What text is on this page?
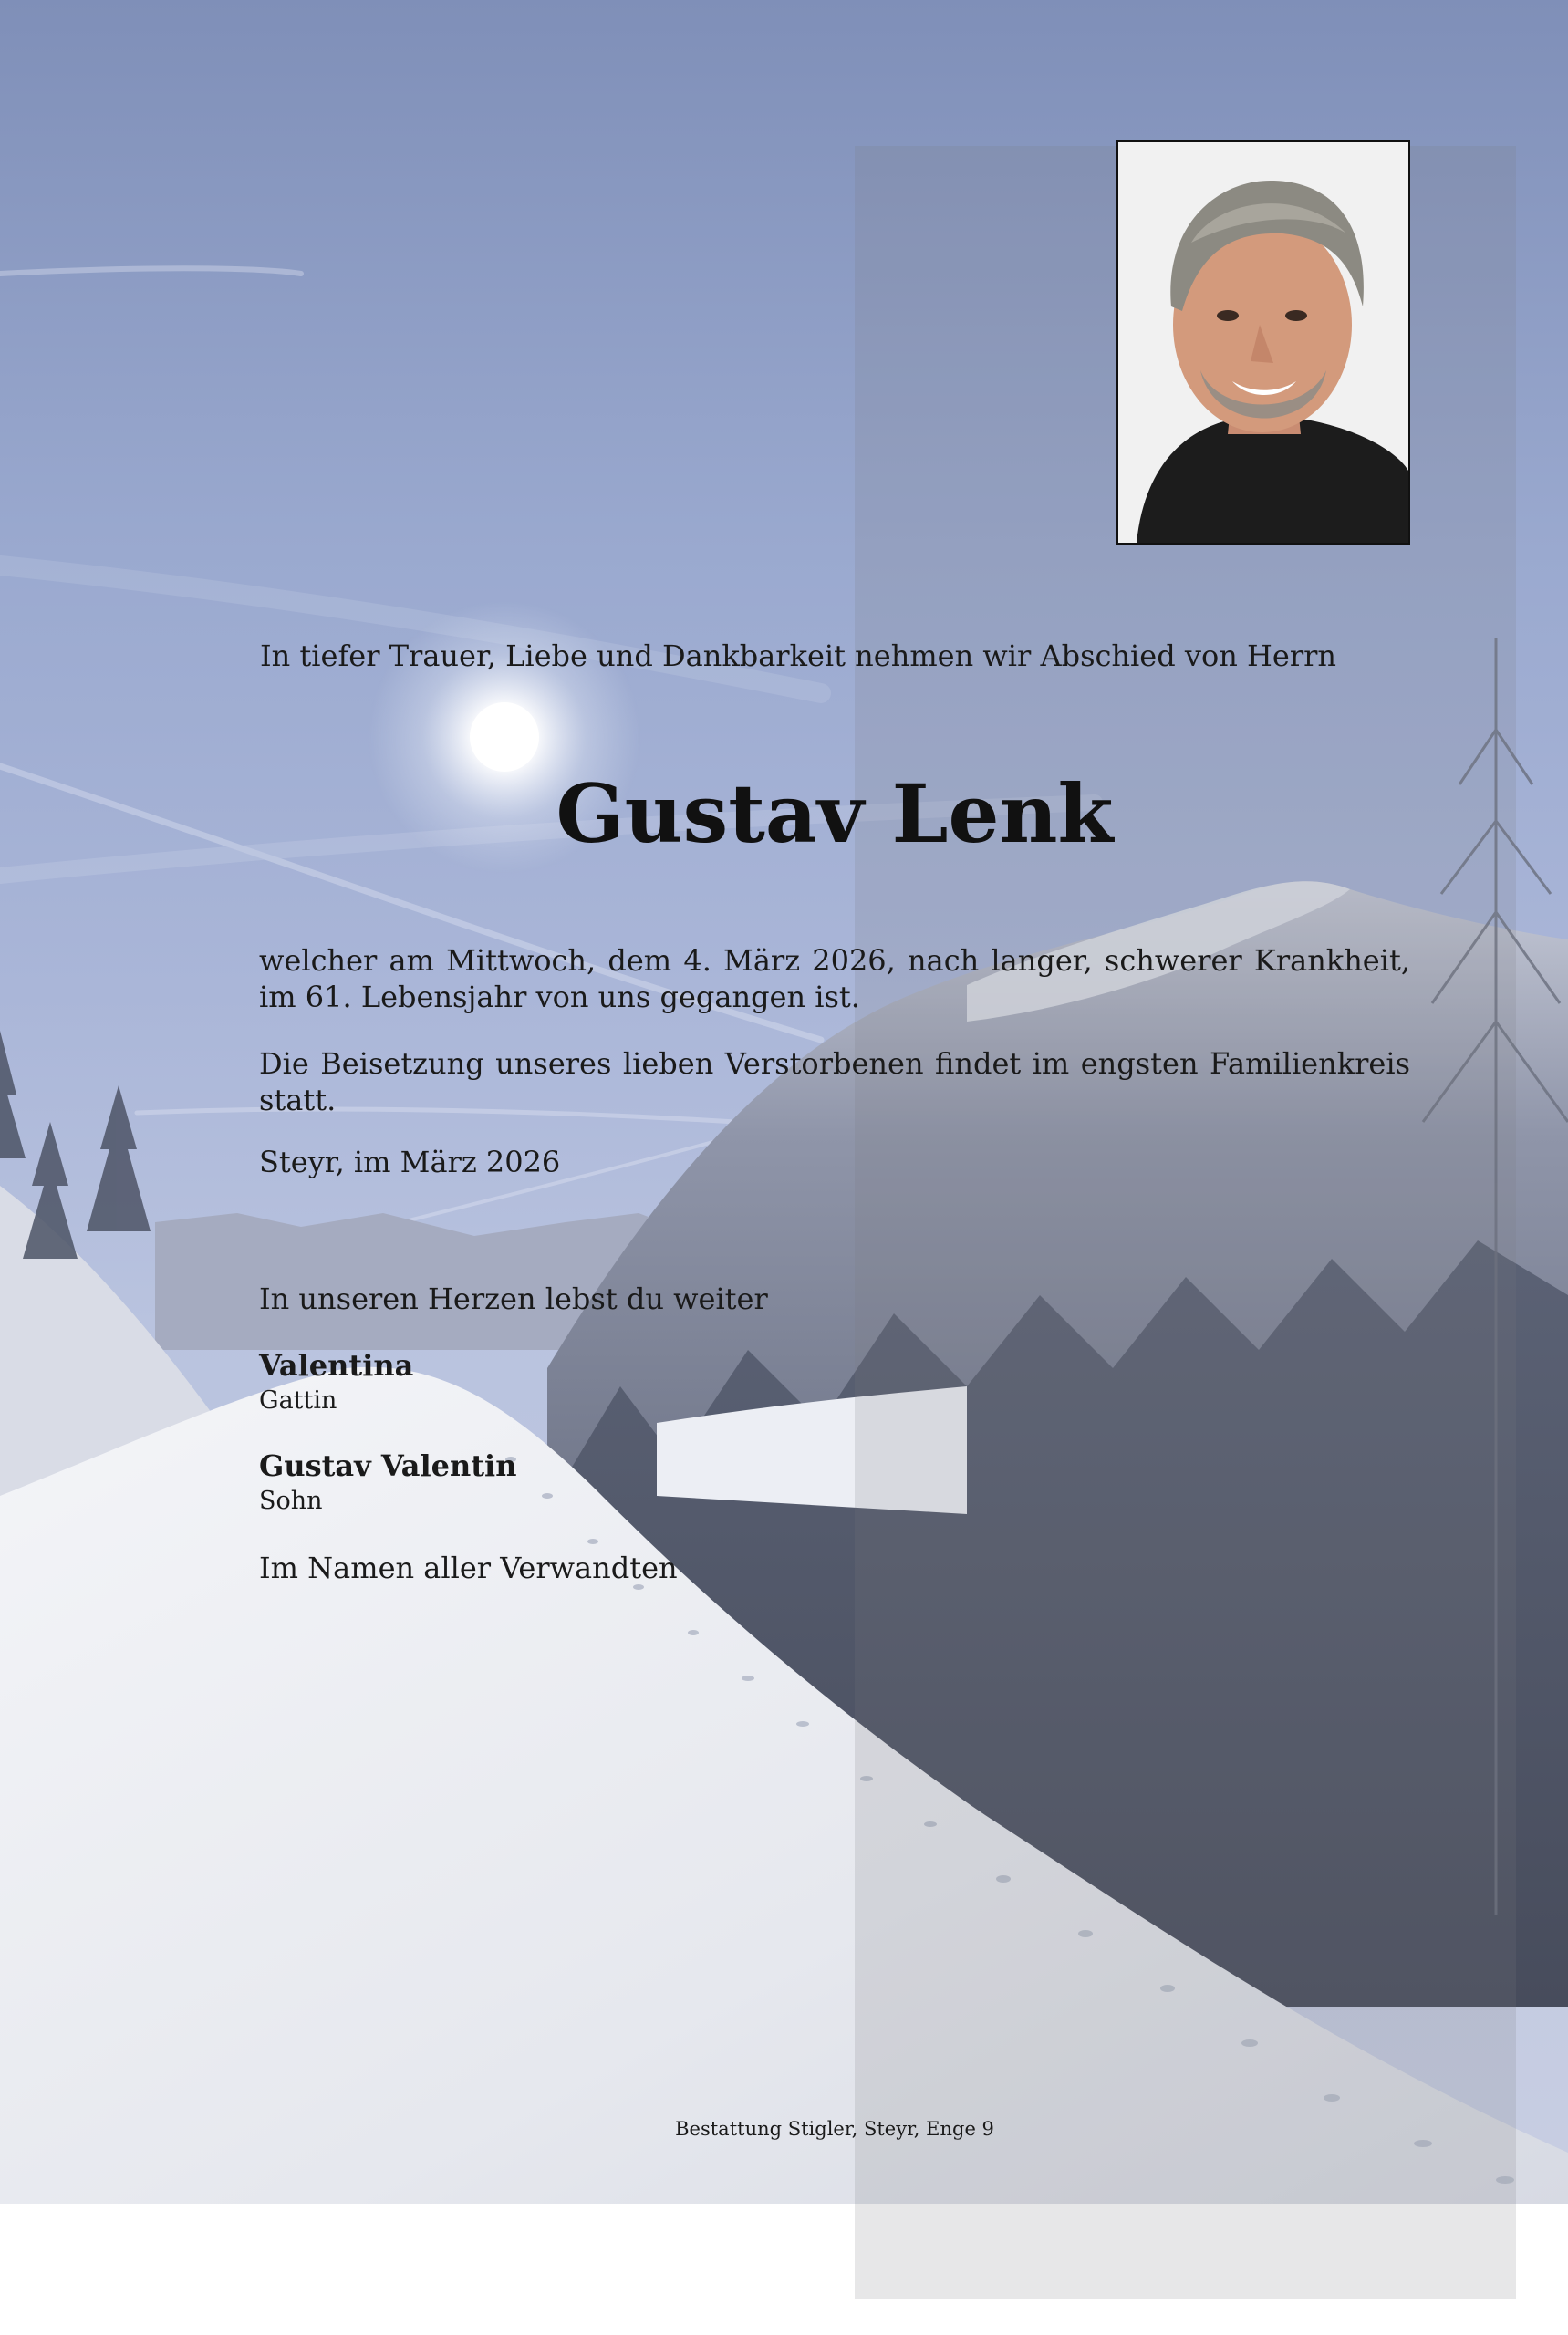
In tiefer Trauer, Liebe und Dankbarkeit nehmen wir Abschied von Herrn

Gustav Lenk

welcher am Mittwoch, dem 4. März 2026, nach langer, schwerer Krankheit, im 61. Lebensjahr von uns gegangen ist.

Die Beisetzung unseres lieben Verstorbenen findet im engsten Familienkreis statt.

Steyr, im März 2026

In unseren Herzen lebst du weiter

Valentina

Gattin

Gustav Valentin

Sohn

Im Namen aller Verwandten

Bestattung Stigler, Steyr, Enge 9
